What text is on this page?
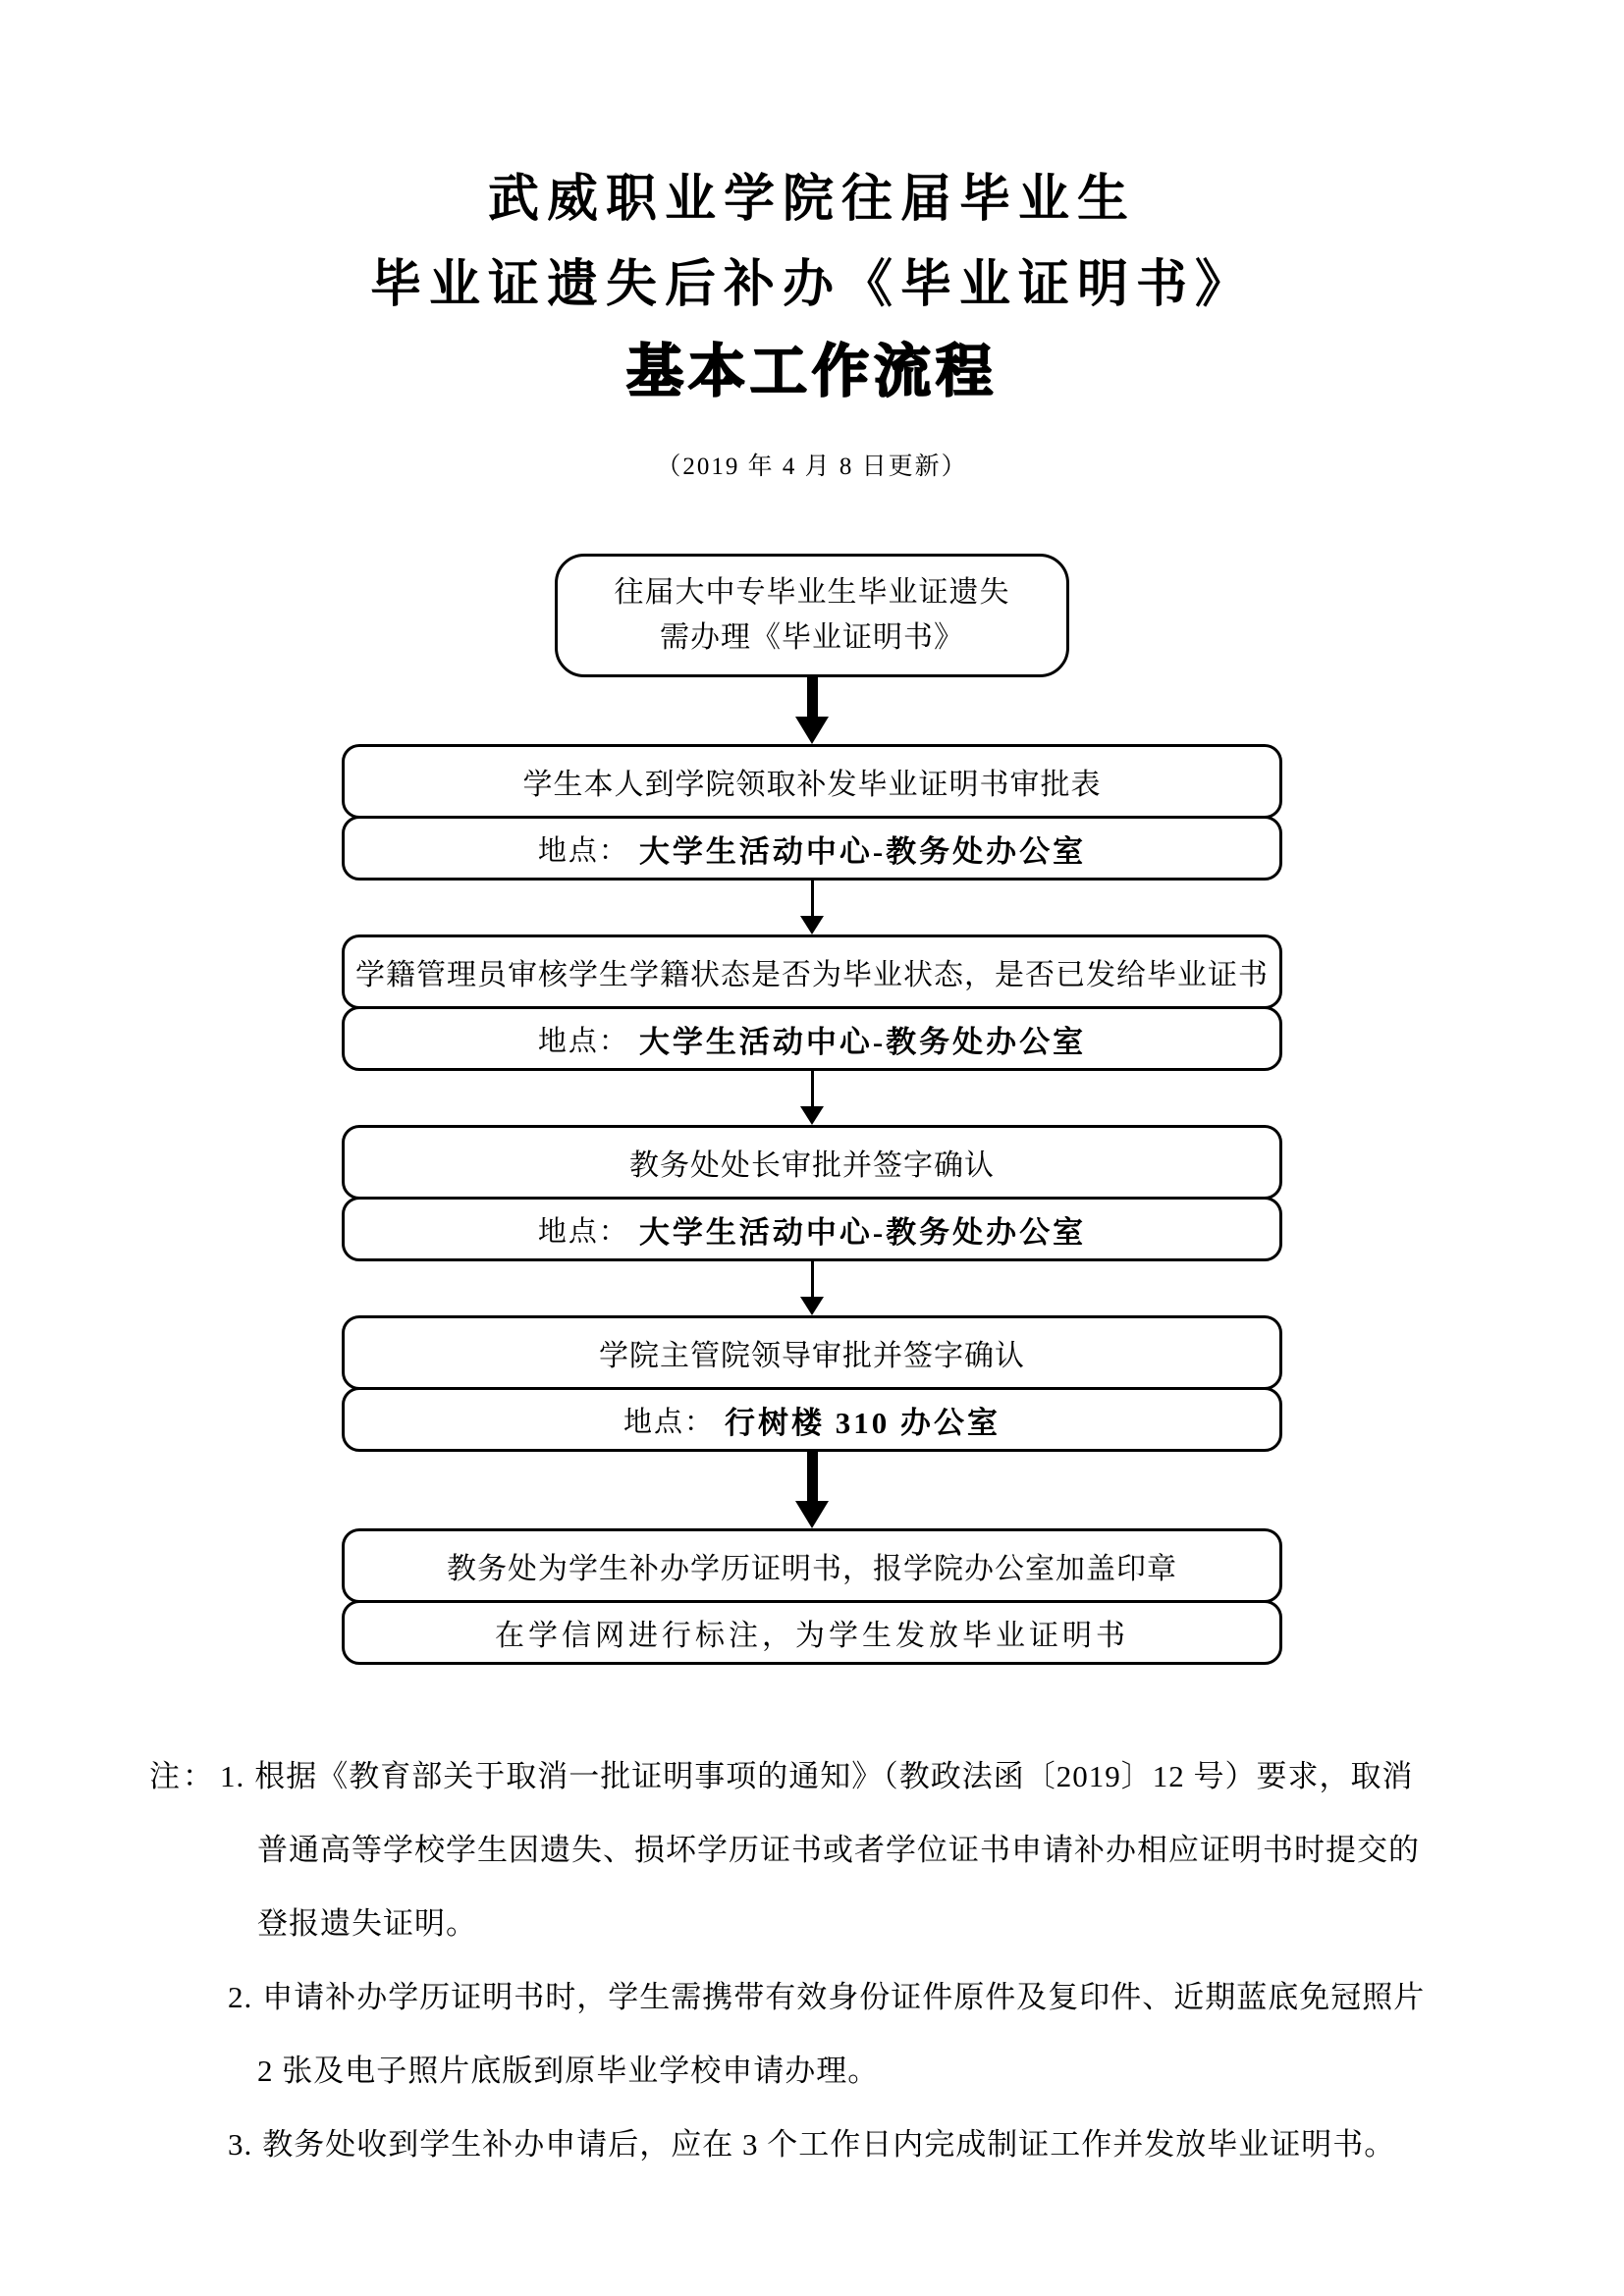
武威职业学院往届毕业生
毕业证遗失后补办《毕业证明书》
基本工作流程
（2019 年 4 月 8 日更新）
往届大中专毕业生毕业证遗失
需办理《毕业证明书》
学生本人到学院领取补发毕业证明书审批表
地点： 大学生活动中心-教务处办公室
学籍管理员审核学生学籍状态是否为毕业状态，是否已发给毕业证书
地点： 大学生活动中心-教务处办公室
教务处处长审批并签字确认
地点： 大学生活动中心-教务处办公室
学院主管院领导审批并签字确认
地点： 行树楼 310 办公室
教务处为学生补办学历证明书，报学院办公室加盖印章
在学信网进行标注，为学生发放毕业证明书
注： 1. 根据《教育部关于取消一批证明事项的通知》（教政法函〔2019〕12 号）要求，取消
普通高等学校学生因遗失、损坏学历证书或者学位证书申请补办相应证明书时提交的
登报遗失证明。
2. 申请补办学历证明书时，学生需携带有效身份证件原件及复印件、近期蓝底免冠照片
2 张及电子照片底版到原毕业学校申请办理。
3. 教务处收到学生补办申请后，应在 3 个工作日内完成制证工作并发放毕业证明书。
